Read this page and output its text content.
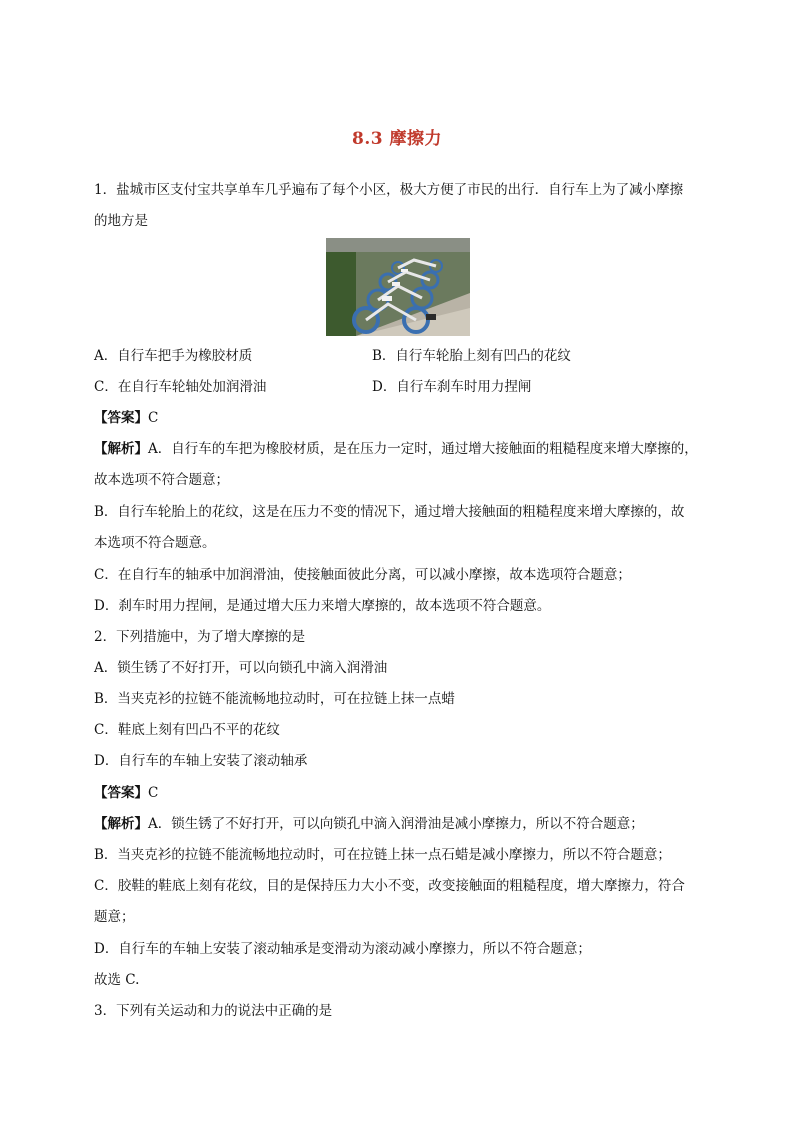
8.3 摩擦力
1．盐城市区支付宝共享单车几乎遍布了每个小区，极大方便了市民的出行．自行车上为了减小摩擦
的地方是
A．自行车把手为橡胶材质	B．自行车轮胎上刻有凹凸的花纹
C．在自行车轮轴处加润滑油	D．自行车刹车时用力捏闸
【答案】C
【解析】A．自行车的车把为橡胶材质，是在压力一定时，通过增大接触面的粗糙程度来增大摩擦的，
故本选项不符合题意；
B．自行车轮胎上的花纹，这是在压力不变的情况下，通过增大接触面的粗糙程度来增大摩擦的，故
本选项不符合题意。
C．在自行车的轴承中加润滑油，使接触面彼此分离，可以减小摩擦，故本选项符合题意；
D．刹车时用力捏闸，是通过增大压力来增大摩擦的，故本选项不符合题意。
2．下列措施中，为了增大摩擦的是
A．锁生锈了不好打开，可以向锁孔中滴入润滑油
B．当夹克衫的拉链不能流畅地拉动时，可在拉链上抹一点蜡
C．鞋底上刻有凹凸不平的花纹
D．自行车的车轴上安装了滚动轴承
【答案】C
【解析】A．锁生锈了不好打开，可以向锁孔中滴入润滑油是减小摩擦力，所以不符合题意；
B．当夹克衫的拉链不能流畅地拉动时，可在拉链上抹一点石蜡是减小摩擦力，所以不符合题意；
C．胶鞋的鞋底上刻有花纹，目的是保持压力大小不变，改变接触面的粗糙程度，增大摩擦力，符合
题意；
D．自行车的车轴上安装了滚动轴承是变滑动为滚动减小摩擦力，所以不符合题意；
故选 C.
3．下列有关运动和力的说法中正确的是
